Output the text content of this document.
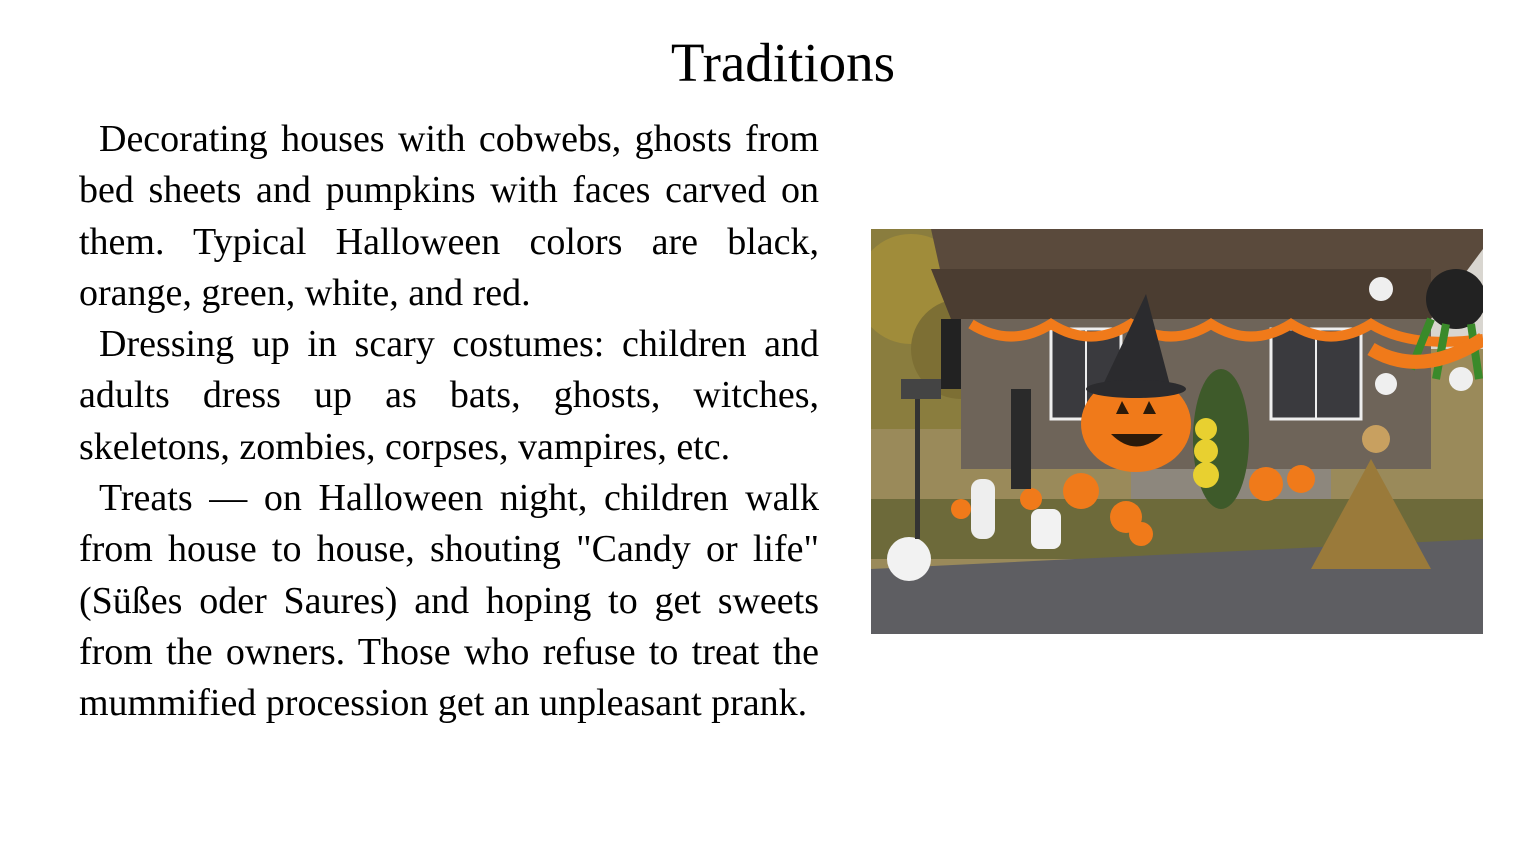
Traditions

Decorating houses with cobwebs, ghosts from bed sheets and pumpkins with faces carved on them. Typical Halloween colors are black, orange, green, white, and red.

Dressing up in scary costumes: children and adults dress up as bats, ghosts, witches, skeletons, zombies, corpses, vampires, etc.

Treats — on Halloween night, children walk from house to house, shouting "Candy or life" (Süßes oder Saures) and hoping to get sweets from the owners. Those who refuse to treat the mummified procession get an unpleasant prank.
